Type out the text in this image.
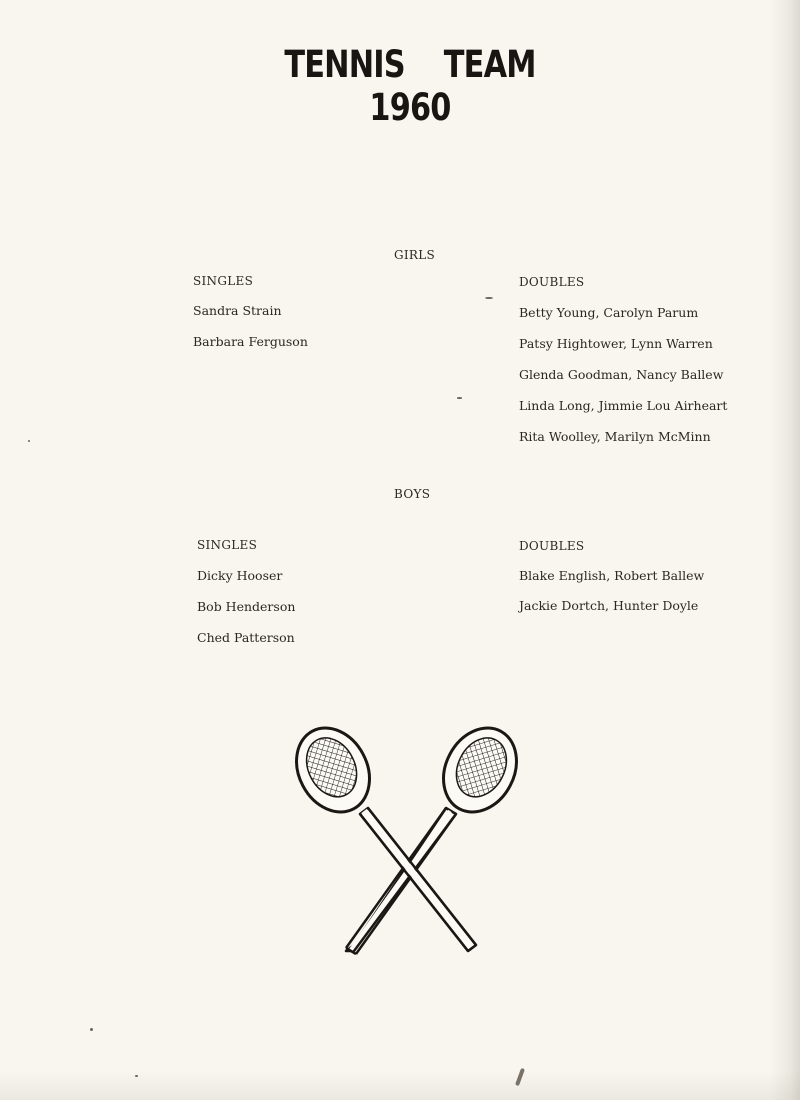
TENNIS    TEAM
1960
GIRLS
SINGLES	DOUBLES
Sandra Strain
Barbara Ferguson
Betty Young, Carolyn Parum
Patsy Hightower, Lynn Warren
Glenda Goodman, Nancy Ballew
Linda Long, Jimmie Lou Airheart
Rita Woolley, Marilyn McMinn
BOYS
SINGLES	DOUBLES
Dicky Hooser
Bob Henderson
Ched Patterson
Blake English, Robert Ballew
Jackie Dortch, Hunter Doyle
